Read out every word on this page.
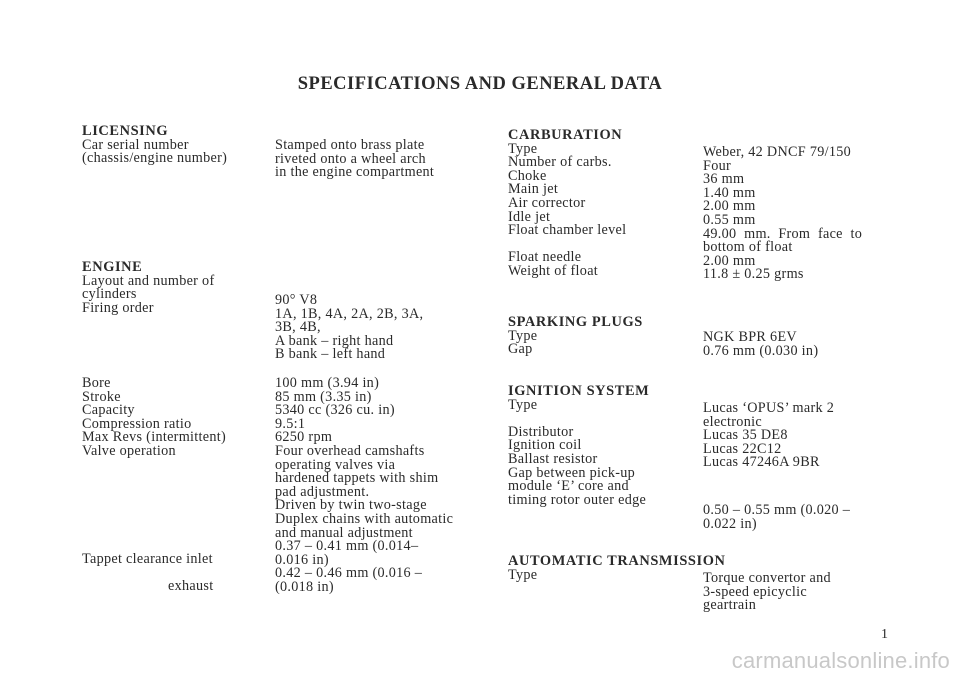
SPECIFICATIONS AND GENERAL DATA
LICENSING
Car serial number
(chassis/engine number)
ENGINE
Layout and number of
cylinders
Firing order
Bore
Stroke
Capacity
Compression ratio
Max Revs (intermittent)
Valve operation
Tappet clearance inlet
exhaust
Stamped onto brass plate
riveted onto a wheel arch
in the engine compartment
90° V8
1A, 1B, 4A, 2A, 2B, 3A,
3B, 4B,
A bank – right hand
B bank – left hand
100 mm (3.94 in)
85 mm (3.35 in)
5340 cc (326 cu. in)
9.5:1
6250 rpm
Four overhead camshafts
operating valves via
hardened tappets with shim
pad adjustment.
Driven by twin two-stage
Duplex chains with automatic
and manual adjustment
0.37 – 0.41 mm (0.014–
0.016 in)
0.42 – 0.46 mm (0.016 –
(0.018 in)
CARBURATION
Type
Number of carbs.
Choke
Main jet
Air corrector
Idle jet
Float chamber level
Float needle
Weight of float
SPARKING PLUGS
Type
Gap
IGNITION SYSTEM
Type
Distributor
Ignition coil
Ballast resistor
Gap between pick-up
module ‘E’ core and
timing rotor outer edge
AUTOMATIC TRANSMISSION
Type
Weber, 42 DNCF 79/150
Four
36 mm
1.40 mm
2.00 mm
0.55 mm
49.00  mm.  From  face  to
bottom of float
2.00 mm
11.8 ± 0.25 grms
NGK BPR 6EV
0.76 mm (0.030 in)
Lucas ‘OPUS’ mark 2
electronic
Lucas 35 DE8
Lucas 22C12
Lucas 47246A 9BR
0.50 – 0.55 mm (0.020 –
0.022 in)
Torque convertor and
3-speed epicyclic
geartrain
1
carmanualsonline.info
